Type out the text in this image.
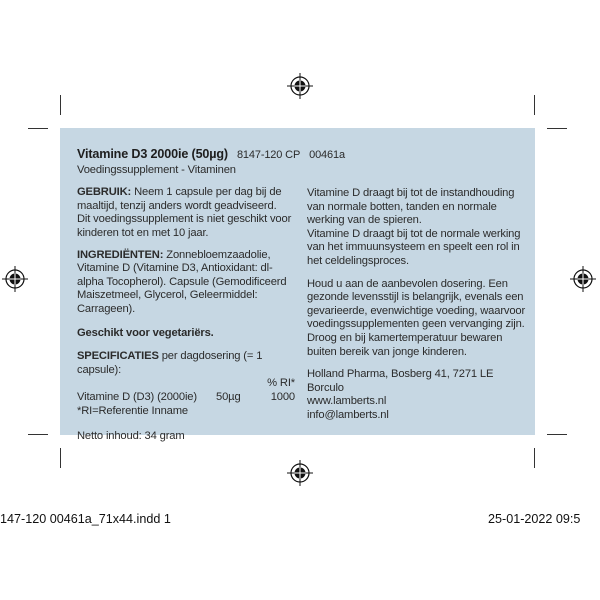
Vitamine D3 2000ie (50µg) 8147-120 CP 00461a

Voedingssupplement - Vitaminen

GEBRUIK: Neem 1 capsule per dag bij de maaltijd, tenzij anders wordt geadviseerd.
Dit voedingssupplement is niet geschikt voor kinderen tot en met 10 jaar.

INGREDIËNTEN: Zonnebloemzaadolie, Vitamine D (Vitamine D3, Antioxidant: dl-alpha Tocopherol). Capsule (Gemodificeerd Maiszetmeel, Glycerol, Geleermiddel: Carrageen).

Geschikt voor vegetariërs.

SPECIFICATIES per dagdosering (= 1 capsule):
% RI*
Vitamine D (D3) (2000ie) 50µg	1000
*RI=Referentie Inname

Netto inhoud: 34 gram

Vitamine D draagt bij tot de instandhouding van normale botten, tanden en normale werking van de spieren.
Vitamine D draagt bij tot de normale werking van het immuunsysteem en speelt een rol in het celdelingsproces.

Houd u aan de aanbevolen dosering. Een gezonde levensstijl is belangrijk, evenals een gevarieerde, evenwichtige voeding, waarvoor voedingssupplementen geen vervanging zijn.
Droog en bij kamertemperatuur bewaren buiten bereik van jonge kinderen.

Holland Pharma, Bosberg 41, 7271 LE Borculo
www.lamberts.nl
info@lamberts.nl

147-120 00461a_71x44.indd 1	25-01-2022 09:5
